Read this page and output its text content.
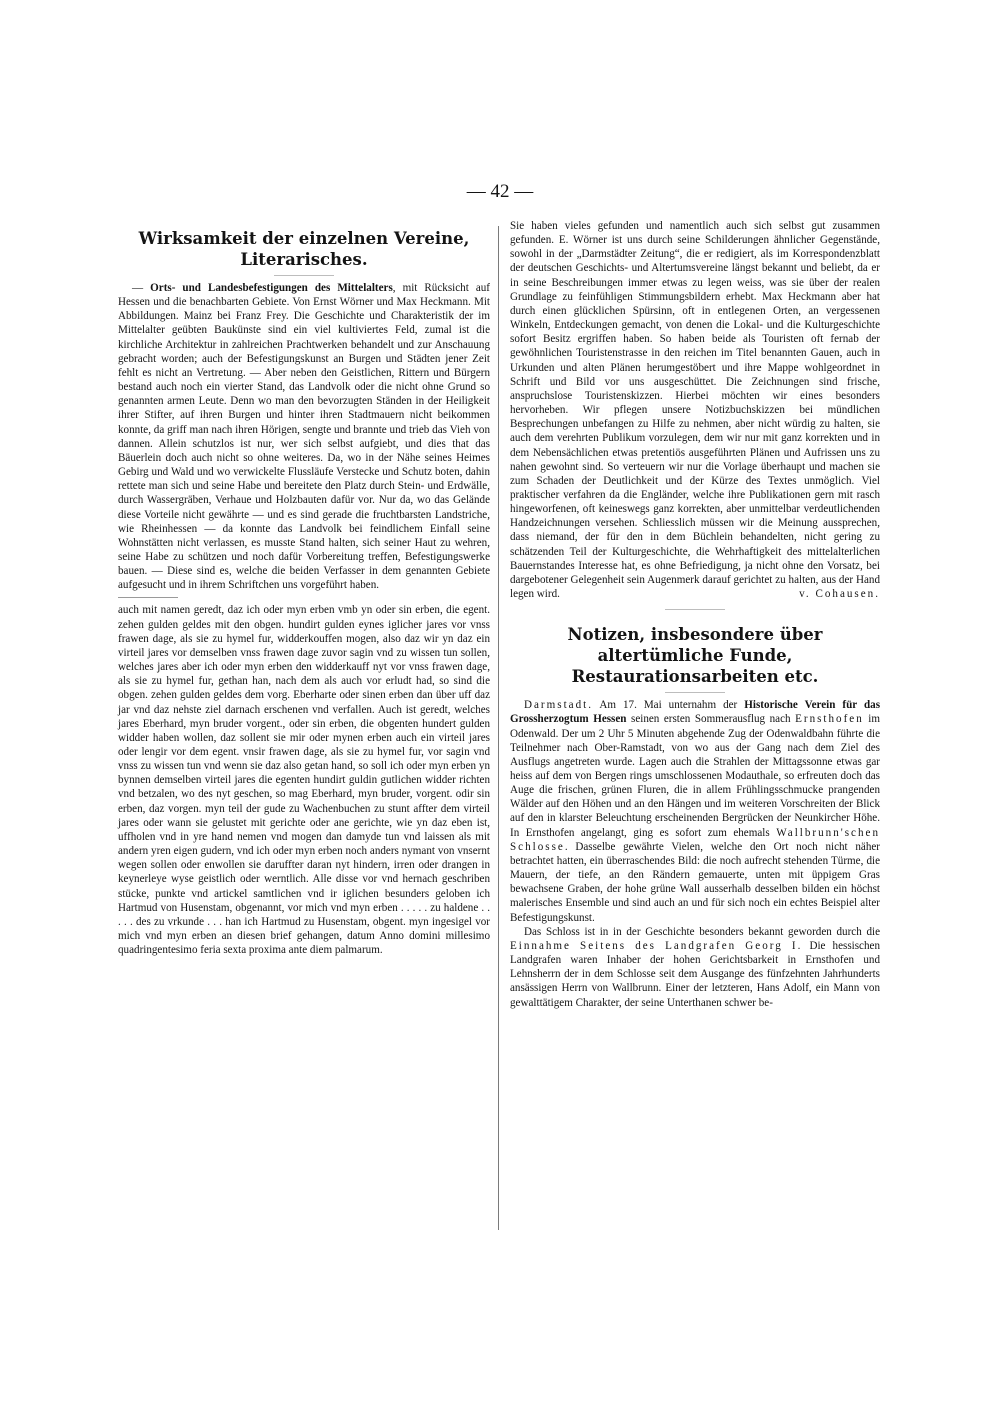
— 42 —
Wirksamkeit der einzelnen Vereine, Literarisches.

— Orts- und Landesbefestigungen des Mittelalters, mit Rücksicht auf Hessen und die benachbarten Gebiete. Von Ernst Wörner und Max Heckmann. Mit Abbildungen. Mainz bei Franz Frey. Die Geschichte und Charakteristik der im Mittelalter geübten Baukünste sind ein viel kultiviertes Feld, zumal ist die kirchliche Architektur in zahlreichen Prachtwerken behandelt und zur Anschauung gebracht worden; auch der Befestigungskunst an Burgen und Städten jener Zeit fehlt es nicht an Vertretung. — Aber neben den Geistlichen, Rittern und Bürgern bestand auch noch ein vierter Stand, das Landvolk oder die nicht ohne Grund so genannten armen Leute. Denn wo man den bevorzugten Ständen in der Heiligkeit ihrer Stifter, auf ihren Burgen und hinter ihren Stadtmauern nicht beikommen konnte, da griff man nach ihren Hörigen, sengte und brannte und trieb das Vieh von dannen. Allein schutzlos ist nur, wer sich selbst aufgiebt, und dies that das Bäuerlein doch auch nicht so ohne weiteres. Da, wo in der Nähe seines Heimes Gebirg und Wald und wo verwickelte Flussläufe Verstecke und Schutz boten, dahin rettete man sich und seine Habe und bereitete den Platz durch Stein- und Erdwälle, durch Wassergräben, Verhaue und Holzbauten dafür vor. Nur da, wo das Gelände diese Vorteile nicht gewährte — und es sind gerade die fruchtbarsten Landstriche, wie Rheinhessen — da konnte das Landvolk bei feindlichem Einfall seine Wohnstätten nicht verlassen, es musste Stand halten, sich seiner Haut zu wehren, seine Habe zu schützen und noch dafür Vorbereitung treffen, Befestigungswerke bauen. — Diese sind es, welche die beiden Verfasser in dem genannten Gebiete aufgesucht und in ihrem Schriftchen uns vorgeführt haben.

auch mit namen geredt, daz ich oder myn erben vmb yn oder sin erben, die egent. zehen gulden geldes mit den obgen. hundirt gulden eynes iglicher jares vor vnss frawen dage, als sie zu hymel fur, widderkouffen mogen, also daz wir yn daz ein virteil jares vor demselben vnss frawen dage zuvor sagin vnd zu wissen tun sollen, welches jares aber ich oder myn erben den widderkauff nyt vor vnss frawen dage, als sie zu hymel fur, gethan han, nach dem als auch vor erludt had, so sind die obgen. zehen gulden geldes dem vorg. Eberharte oder sinen erben dan über uff daz jar vnd daz nehste ziel darnach erschenen vnd verfallen. Auch ist geredt, welches jares Eberhard, myn bruder vorgent., oder sin erben, die obgenten hundert gulden widder haben wollen, daz sollent sie mir oder mynen erben auch ein virteil jares oder lengir vor dem egent. vnsir frawen dage, als sie zu hymel fur, vor sagin vnd vnss zu wissen tun vnd wenn sie daz also getan hand, so soll ich oder myn erben yn bynnen demselben virteil jares die egenten hundirt guldin gutlichen widder richten vnd betzalen, wo des nyt geschen, so mag Eberhard, myn bruder, vorgent. odir sin erben, daz vorgen. myn teil der gude zu Wachenbuchen zu stunt affter dem virteil jares oder wann sie gelustet mit gerichte oder ane gerichte, wie yn daz eben ist, uffholen vnd in yre hand nemen vnd mogen dan damyde tun vnd laissen als mit andern yren eigen gudern, vnd ich oder myn erben noch anders nymant von vnsernt wegen sollen oder enwollen sie daruffter daran nyt hindern, irren oder drangen in keynerleye wyse geistlich oder werntlich. Alle disse vor vnd hernach geschriben stücke, punkte vnd artickel samtlichen vnd ir iglichen besunders geloben ich Hartmud von Husenstam, obgenannt, vor mich vnd myn erben . . . . . zu haldene . . . . . des zu vrkunde . . . han ich Hartmud zu Husenstam, obgent. myn ingesigel vor mich vnd myn erben an diesen brief gehangen, datum Anno domini millesimo quadringentesimo feria sexta proxima ante diem palmarum.

Sie haben vieles gefunden und namentlich auch sich selbst gut zusammen gefunden. E. Wörner ist uns durch seine Schilderungen ähnlicher Gegenstände, sowohl in der „Darmstädter Zeitung“, die er redigiert, als im Korrespondenzblatt der deutschen Geschichts- und Altertumsvereine längst bekannt und beliebt, da er in seine Beschreibungen immer etwas zu legen weiss, was sie über der realen Grundlage zu feinfühligen Stimmungsbildern erhebt. Max Heckmann aber hat durch einen glücklichen Spürsinn, oft in entlegenen Orten, an vergessenen Winkeln, Entdeckungen gemacht, von denen die Lokal- und die Kulturgeschichte sofort Besitz ergriffen haben. So haben beide als Touristen oft fernab der gewöhnlichen Touristenstrasse in den reichen im Titel benannten Gauen, auch in Urkunden und alten Plänen herumgestöbert und ihre Mappe wohlgeordnet in Schrift und Bild vor uns ausgeschüttet. Die Zeichnungen sind frische, anspruchslose Touristenskizzen. Hierbei möchten wir eines besonders hervorheben. Wir pflegen unsere Notizbuchskizzen bei mündlichen Besprechungen unbefangen zu Hilfe zu nehmen, aber nicht würdig zu halten, sie auch dem verehrten Publikum vorzulegen, dem wir nur mit ganz korrekten und in dem Nebensächlichen etwas pretentiös ausgeführten Plänen und Aufrissen uns zu nahen gewohnt sind. So verteuern wir nur die Vorlage überhaupt und machen sie zum Schaden der Deutlichkeit und der Kürze des Textes unmöglich. Viel praktischer verfahren da die Engländer, welche ihre Publikationen gern mit rasch hingeworfenen, oft keineswegs ganz korrekten, aber unmittelbar verdeutlichenden Handzeichnungen versehen. Schliesslich müssen wir die Meinung aussprechen, dass niemand, der für den in dem Büchlein behandelten, nicht gering zu schätzenden Teil der Kulturgeschichte, die Wehrhaftigkeit des mittelalterlichen Bauernstandes Interesse hat, es ohne Befriedigung, ja nicht ohne den Vorsatz, bei dargebotener Gelegenheit sein Augenmerk darauf gerichtet zu halten, aus der Hand legen wird.	v. Cohausen.

Notizen, insbesondere über altertümliche Funde, Restaurationsarbeiten etc.

Darmstadt. Am 17. Mai unternahm der Historische Verein für das Grossherzogtum Hessen seinen ersten Sommerausflug nach Ernsthofen im Odenwald. Der um 2 Uhr 5 Minuten abgehende Zug der Odenwaldbahn führte die Teilnehmer nach Ober-Ramstadt, von wo aus der Gang nach dem Ziel des Ausflugs angetreten wurde. Lagen auch die Strahlen der Mittagssonne etwas gar heiss auf dem von Bergen rings umschlossenen Modauthale, so erfreuten doch das Auge die frischen, grünen Fluren, die in allem Frühlingsschmucke prangenden Wälder auf den Höhen und an den Hängen und im weiteren Vorschreiten der Blick auf den in klarster Beleuchtung erscheinenden Bergrücken der Neunkircher Höhe. In Ernsthofen angelangt, ging es sofort zum ehemals Wallbrunn'schen Schlosse. Dasselbe gewährte Vielen, welche den Ort noch nicht näher betrachtet hatten, ein überraschendes Bild: die noch aufrecht stehenden Türme, die Mauern, der tiefe, an den Rändern gemauerte, unten mit üppigem Gras bewachsene Graben, der hohe grüne Wall ausserhalb desselben bilden ein höchst malerisches Ensemble und sind auch an und für sich noch ein echtes Beispiel alter Befestigungskunst.

Das Schloss ist in in der Geschichte besonders bekannt geworden durch die Einnahme Seitens des Landgrafen Georg I. Die hessischen Landgrafen waren Inhaber der hohen Gerichtsbarkeit in Ernsthofen und Lehnsherrn der in dem Schlosse seit dem Ausgange des fünfzehnten Jahrhunderts ansässigen Herrn von Wallbrunn. Einer der letzteren, Hans Adolf, ein Mann von gewalttätigem Charakter, der seine Unterthanen schwer be-
